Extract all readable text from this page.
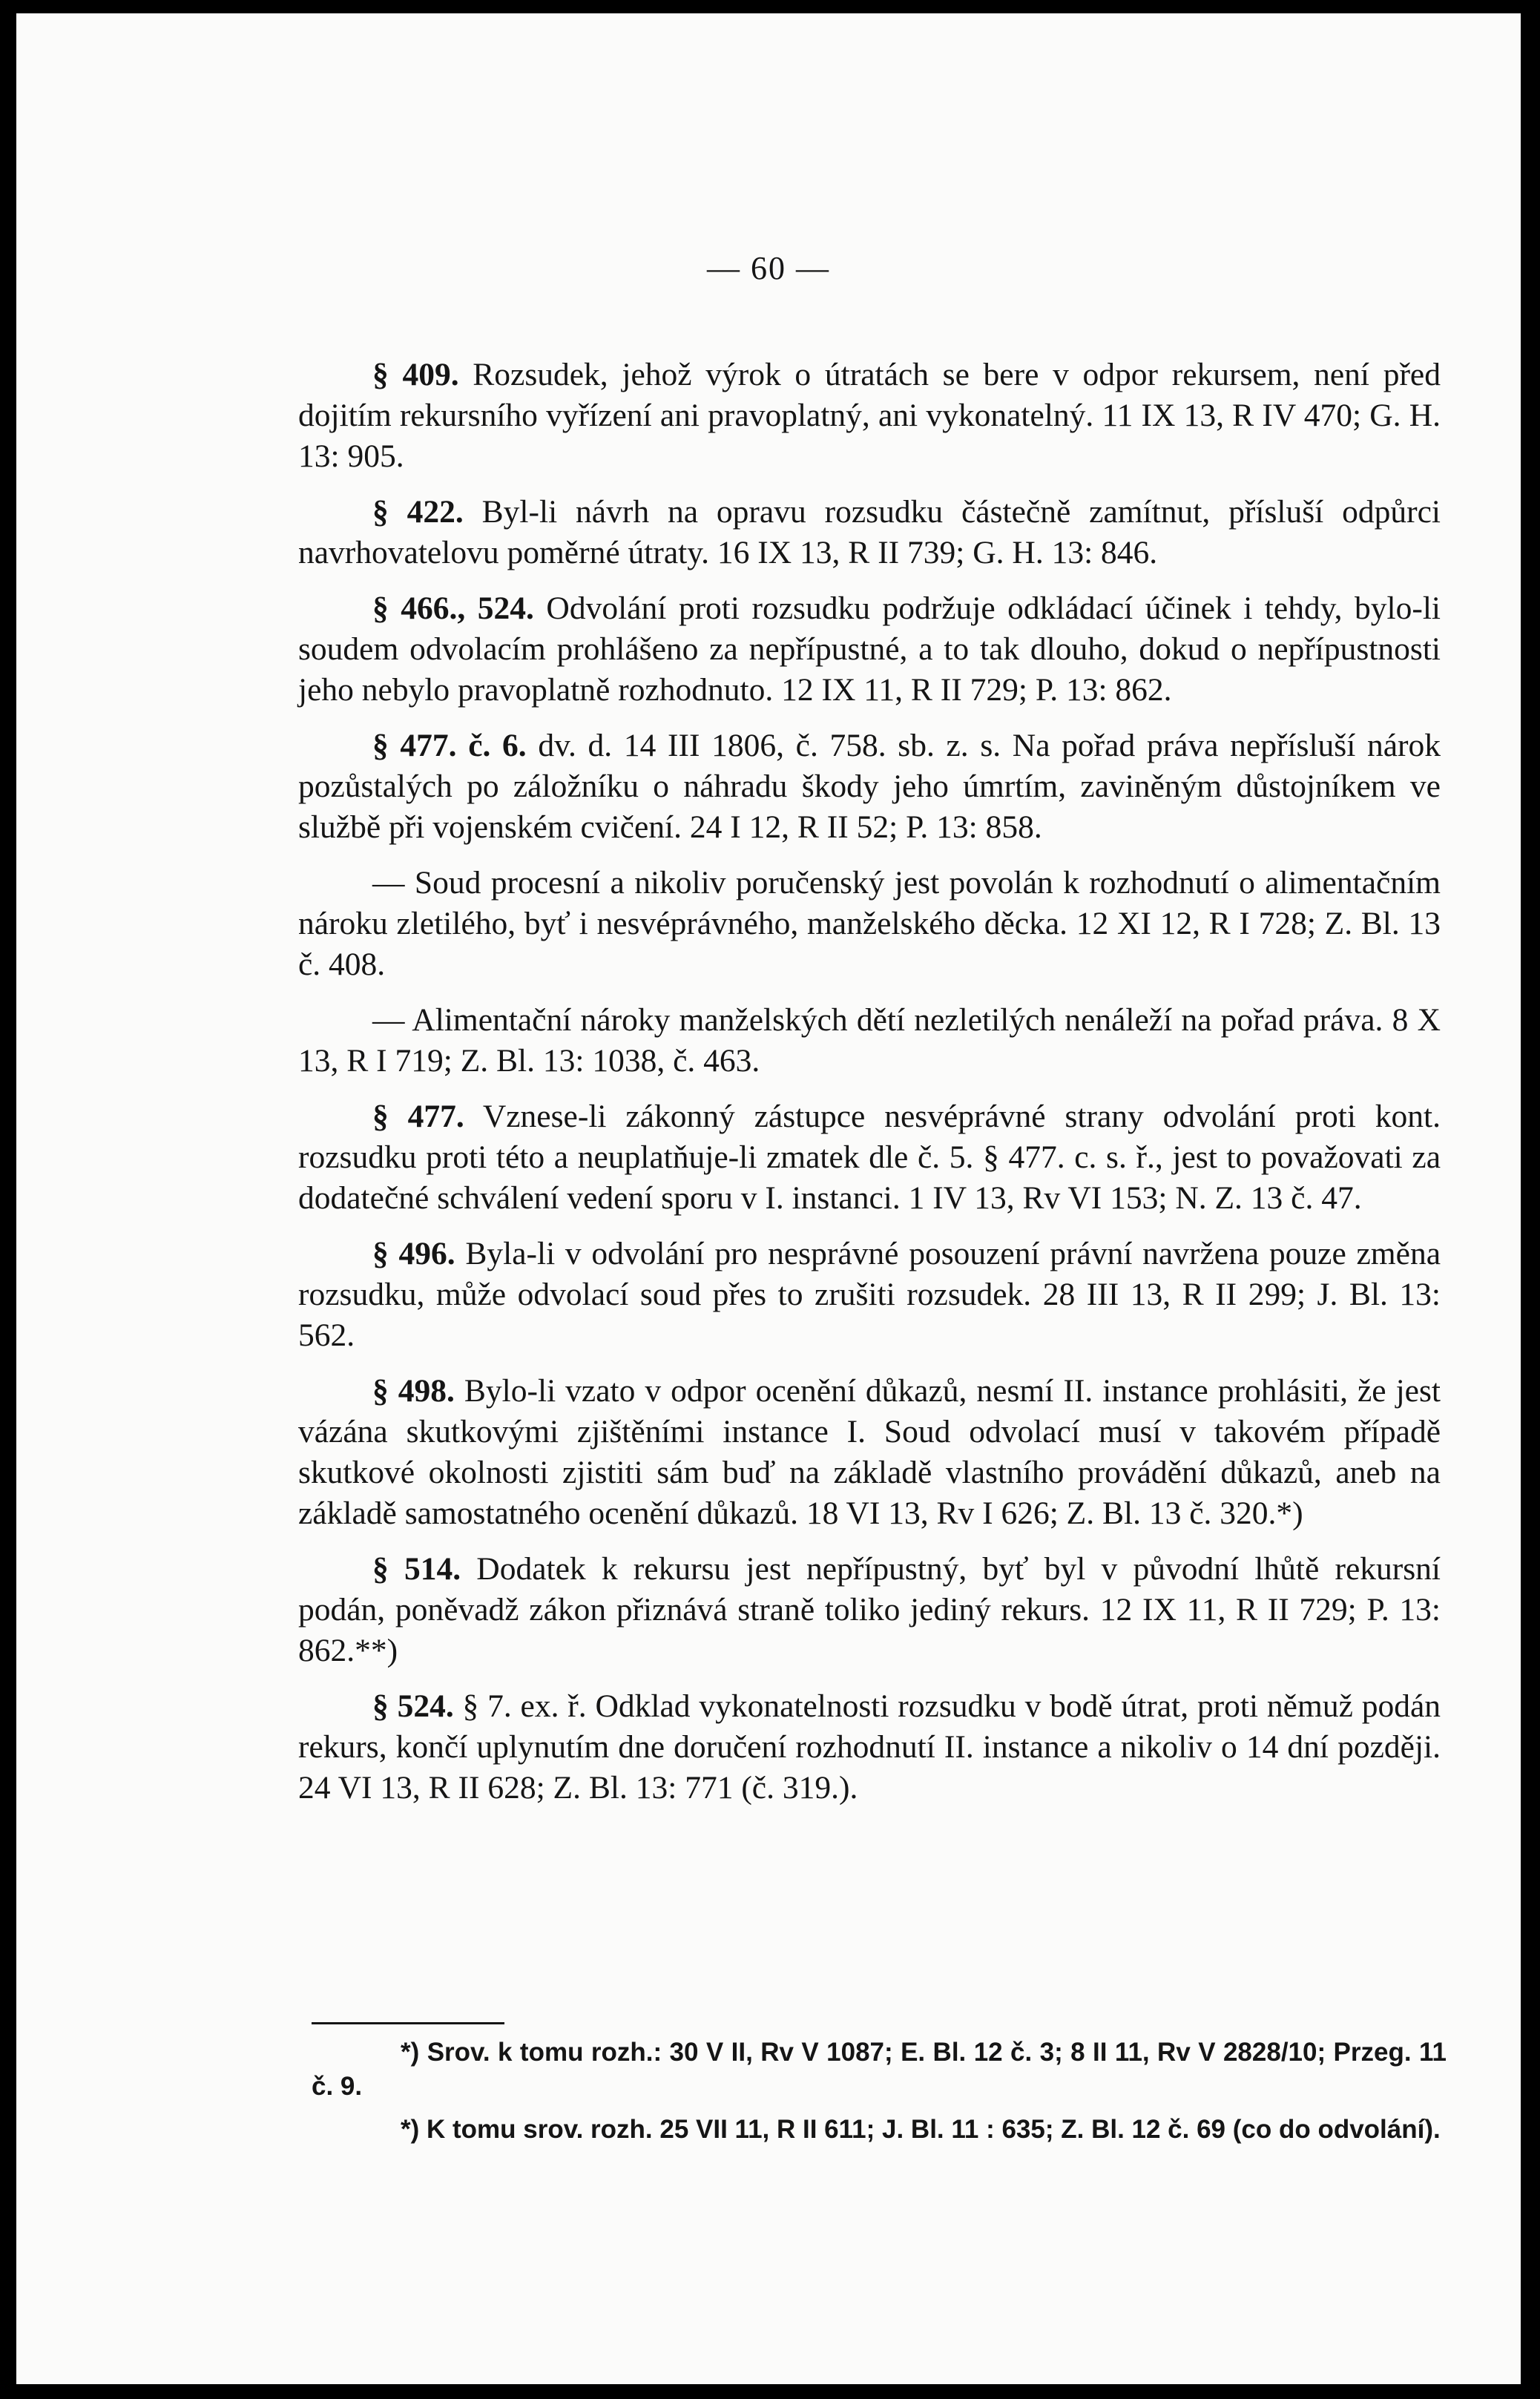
— 60 —

§ 409. Rozsudek, jehož výrok o útratách se bere v odpor rekursem, není před dojitím rekursního vyřízení ani pravoplatný, ani vykonatelný. 11 IX 13, R IV 470; G. H. 13: 905.

§ 422. Byl-li návrh na opravu rozsudku částečně zamítnut, přísluší odpůrci navrhovatelovu poměrné útraty. 16 IX 13, R II 739; G. H. 13: 846.

§ 466., 524. Odvolání proti rozsudku podržuje odkládací účinek i tehdy, bylo-li soudem odvolacím prohlášeno za nepřípustné, a to tak dlouho, dokud o nepřípustnosti jeho nebylo pravoplatně rozhodnuto. 12 IX 11, R II 729; P. 13: 862.

§ 477. č. 6. dv. d. 14 III 1806, č. 758. sb. z. s. Na pořad práva nepřísluší nárok pozůstalých po záložníku o náhradu škody jeho úmrtím, zaviněným důstojníkem ve službě při vojenském cvičení. 24 I 12, R II 52; P. 13: 858.

— Soud procesní a nikoliv poručenský jest povolán k rozhodnutí o alimentačním nároku zletilého, byť i nesvéprávného, manželského děcka. 12 XI 12, R I 728; Z. Bl. 13 č. 408.

— Alimentační nároky manželských dětí nezletilých nenáleží na pořad práva. 8 X 13, R I 719; Z. Bl. 13: 1038, č. 463.

§ 477. Vznese-li zákonný zástupce nesvéprávné strany odvolání proti kont. rozsudku proti této a neuplatňuje-li zmatek dle č. 5. § 477. c. s. ř., jest to považovati za dodatečné schválení vedení sporu v I. instanci. 1 IV 13, Rv VI 153; N. Z. 13 č. 47.

§ 496. Byla-li v odvolání pro nesprávné posouzení právní navržena pouze změna rozsudku, může odvolací soud přes to zrušiti rozsudek. 28 III 13, R II 299; J. Bl. 13: 562.

§ 498. Bylo-li vzato v odpor ocenění důkazů, nesmí II. instance prohlásiti, že jest vázána skutkovými zjištěními instance I. Soud odvolací musí v takovém případě skutkové okolnosti zjistiti sám buď na základě vlastního provádění důkazů, aneb na základě samostatného ocenění důkazů. 18 VI 13, Rv I 626; Z. Bl. 13 č. 320.*)

§ 514. Dodatek k rekursu jest nepřípustný, byť byl v původní lhůtě rekursní podán, poněvadž zákon přiznává straně toliko jediný rekurs. 12 IX 11, R II 729; P. 13: 862.**)

§ 524. § 7. ex. ř. Odklad vykonatelnosti rozsudku v bodě útrat, proti němuž podán rekurs, končí uplynutím dne doručení rozhodnutí II. instance a nikoliv o 14 dní později. 24 VI 13, R II 628; Z. Bl. 13: 771 (č. 319.).

*) Srov. k tomu rozh.: 30 V II, Rv V 1087; E. Bl. 12 č. 3; 8 II 11, Rv V 2828/10; Przeg. 11 č. 9.

*) K tomu srov. rozh. 25 VII 11, R II 611; J. Bl. 11 : 635; Z. Bl. 12 č. 69 (co do odvolání).
